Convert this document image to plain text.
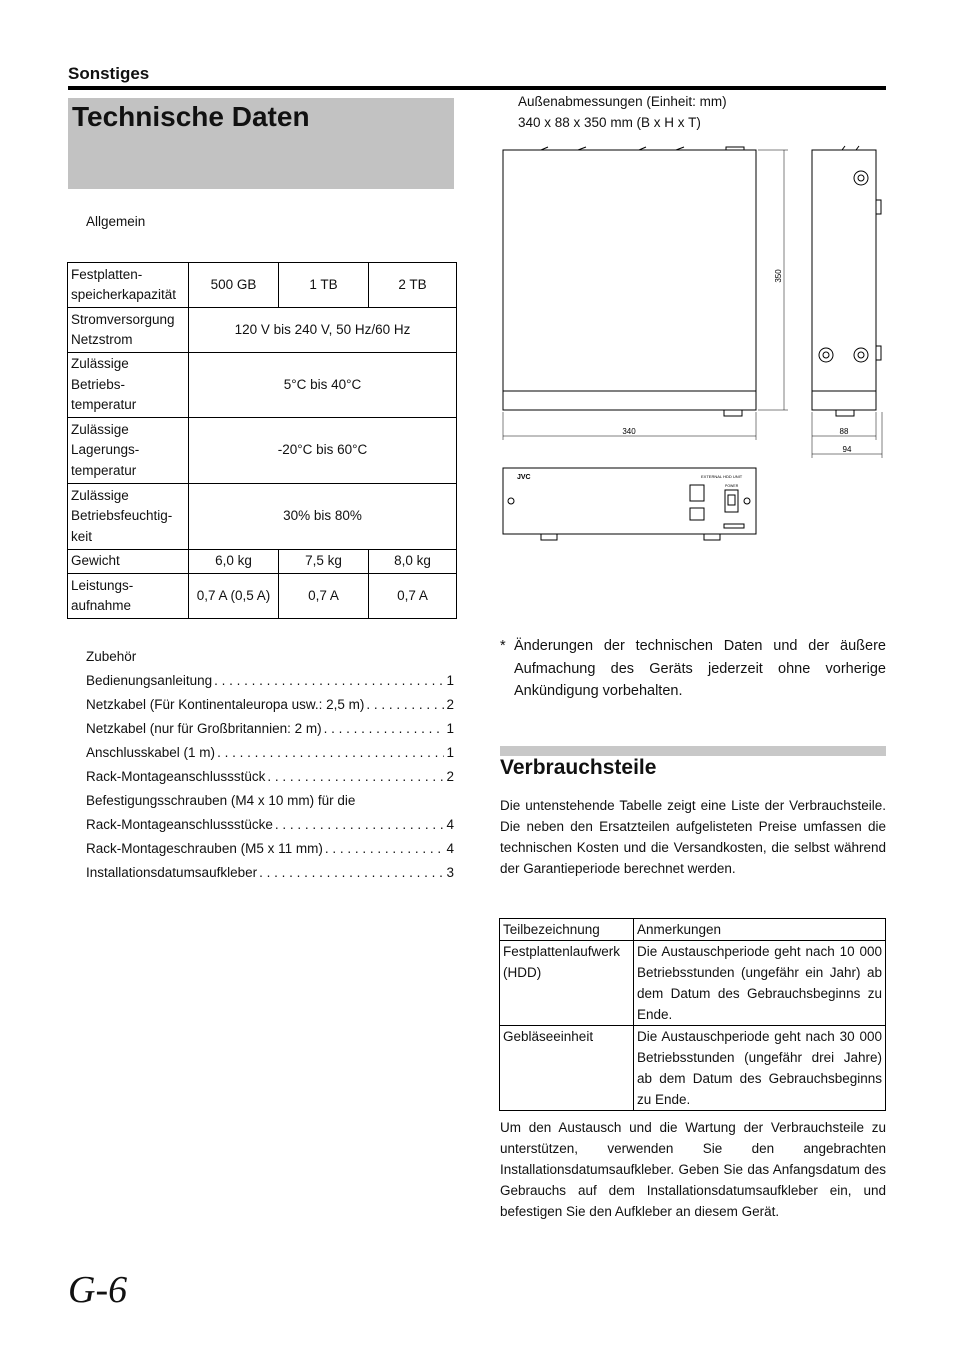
Sonstiges
Technische Daten
Allgemein
Festplatten-
speicherkapazität	500 GB	1 TB	2 TB
Stromversorgung
Netzstrom	120 V bis 240 V, 50 Hz/60 Hz		
Zulässige
Betriebs-
temperatur	5°C bis 40°C		
Zulässige
Lagerungs-
temperatur	-20°C bis 60°C		
Zulässige
Betriebsfeuchtig-
keit	30% bis 80%		
Gewicht	6,0 kg	7,5 kg	8,0 kg
Leistungs-
aufnahme	0,7 A (0,5 A)	0,7 A	0,7 A
Zubehör
Bedienungsanleitung . . .	1
Netzkabel (Für Kontinentaleuropa usw.: 2,5 m) . . .	2
Netzkabel (nur für Großbritannien: 2 m) . . .	1
Anschlusskabel (1 m) . . .	1
Rack-Montageanschlussstück . . .	2
Befestigungsschrauben (M4 x 10 mm) für die
Rack-Montageanschlussstücke . . .	4
Rack-Montageschrauben (M5 x 11 mm) . . .	4
Installationsdatumsaufkleber . . .	3
Außenabmessungen (Einheit: mm)
340 x 88 x 350 mm (B x H x T)
JVC	EXTERNAL HDD UNIT
POWER
340
350
88
94
* Änderungen der technischen Daten und der äußere Aufmachung des Geräts jederzeit ohne vorherige Ankündigung vorbehalten.
Verbrauchsteile
Die untenstehende Tabelle zeigt eine Liste der Verbrauchsteile. Die neben den Ersatzteilen aufgelisteten Preise umfassen die technischen Kosten und die Versandkosten, die selbst während der Garantieperiode berechnet werden.
Teilbezeichnung	Anmerkungen
Festplattenlaufwerk (HDD)	Die Austauschperiode geht nach 10 000 Betriebsstunden (ungefähr ein Jahr) ab dem Datum des Gebrauchsbeginns zu Ende.
Gebläseeinheit	Die Austauschperiode geht nach 30 000 Betriebsstunden (ungefähr drei Jahre) ab dem Datum des Gebrauchsbeginns zu Ende.
Um den Austausch und die Wartung der Verbrauchsteile zu unterstützen, verwenden Sie den angebrachten Installationsdatumsaufkleber. Geben Sie das Anfangsdatum des Gebrauchs auf dem Installationsdatumsaufkleber ein, und befestigen Sie den Aufkleber an diesem Gerät.
G-6
